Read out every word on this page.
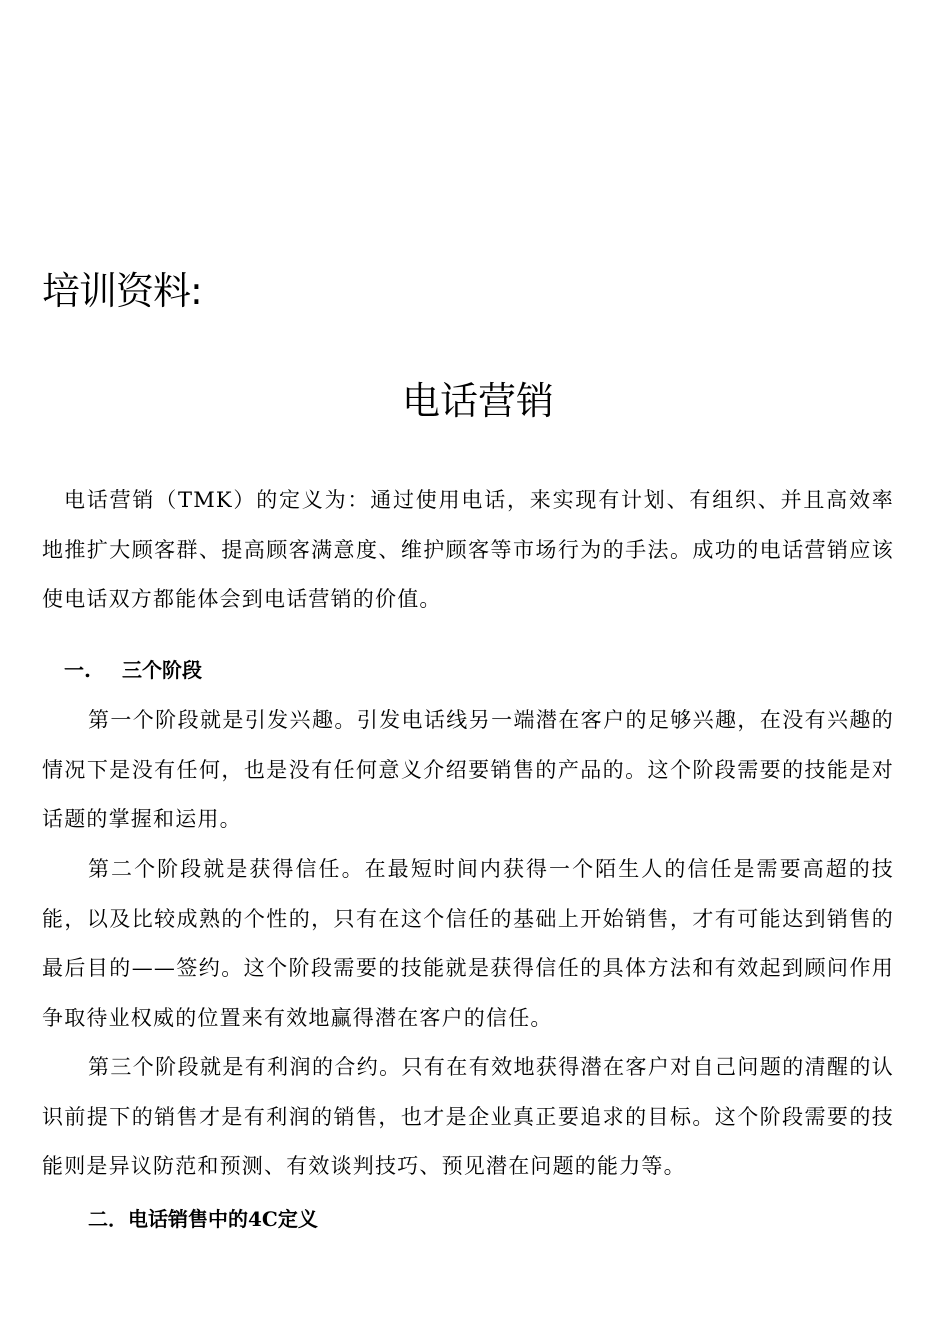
培训资料:
电话营销

电话营销（TMK）的定义为：通过使用电话，来实现有计划、有组织、并且高效率地推扩大顾客群、提高顾客满意度、维护顾客等市场行为的手法。成功的电话营销应该使电话双方都能体会到电话营销的价值。

一. 三个阶段

第一个阶段就是引发兴趣。引发电话线另一端潜在客户的足够兴趣，在没有兴趣的情况下是没有任何，也是没有任何意义介绍要销售的产品的。这个阶段需要的技能是对话题的掌握和运用。

第二个阶段就是获得信任。在最短时间内获得一个陌生人的信任是需要高超的技能，以及比较成熟的个性的，只有在这个信任的基础上开始销售，才有可能达到销售的最后目的——签约。这个阶段需要的技能就是获得信任的具体方法和有效起到顾问作用争取待业权威的位置来有效地赢得潜在客户的信任。

第三个阶段就是有利润的合约。只有在有效地获得潜在客户对自己问题的清醒的认识前提下的销售才是有利润的销售，也才是企业真正要追求的目标。这个阶段需要的技能则是异议防范和预测、有效谈判技巧、预见潜在问题的能力等。

二．电话销售中的4C定义
